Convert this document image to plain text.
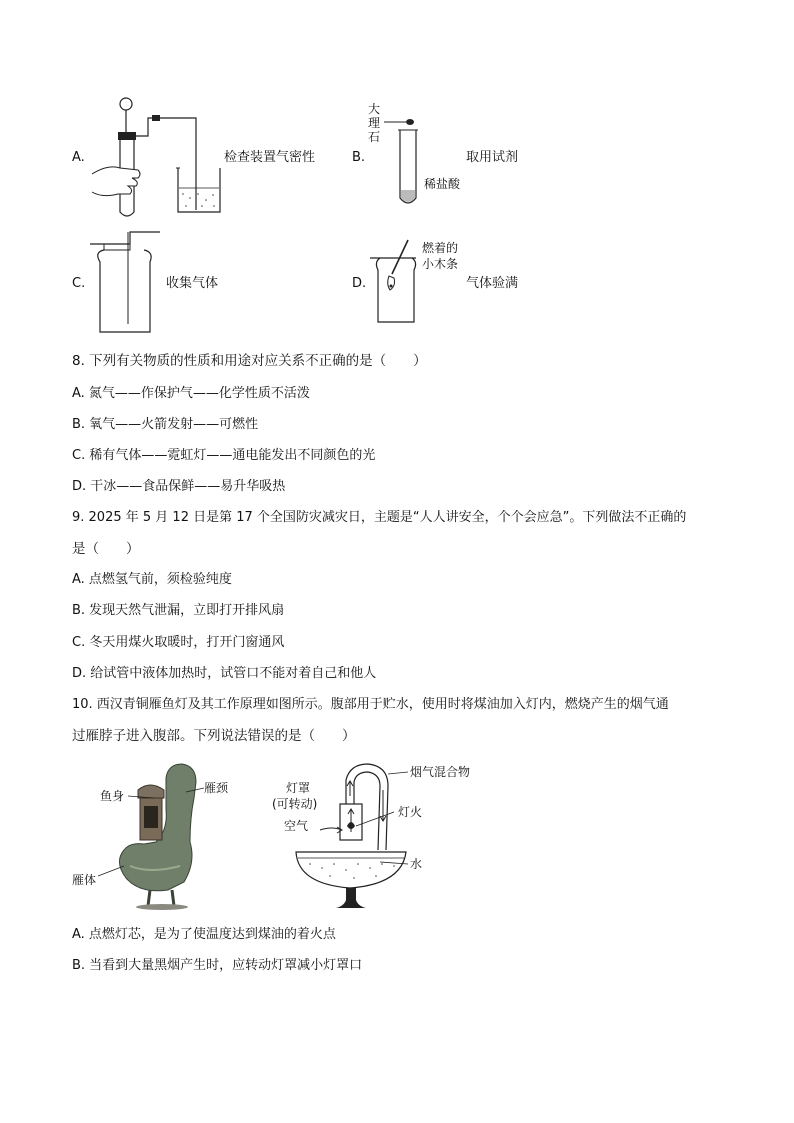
A.	检查装置气密性	B.
大理石
稀盐酸
取用试剂
C.	收集气体	D.
燃着的
小木条
气体验满
8. 下列有关物质的性质和用途对应关系不正确的是（　　）
A. 氮气——作保护气——化学性质不活泼
B. 氧气——火箭发射——可燃性
C. 稀有气体——霓虹灯——通电能发出不同颜色的光
D. 干冰——食品保鲜——易升华吸热
9. 2025 年 5 月 12 日是第 17 个全国防灾减灾日，主题是“人人讲安全，个个会应急”。下列做法不正确的
是（　　）
A. 点燃氢气前，须检验纯度
B. 发现天然气泄漏，立即打开排风扇
C. 冬天用煤火取暖时，打开门窗通风
D. 给试管中液体加热时，试管口不能对着自己和他人
10. 西汉青铜雁鱼灯及其工作原理如图所示。腹部用于贮水，使用时将煤油加入灯内，燃烧产生的烟气通
过雁脖子进入腹部。下列说法错误的是（　　）
鱼身
雁颈
雁体
烟气混合物
灯罩
(可转动)
灯火
空气
水
A. 点燃灯芯，是为了使温度达到煤油的着火点
B. 当看到大量黑烟产生时，应转动灯罩减小灯罩口
